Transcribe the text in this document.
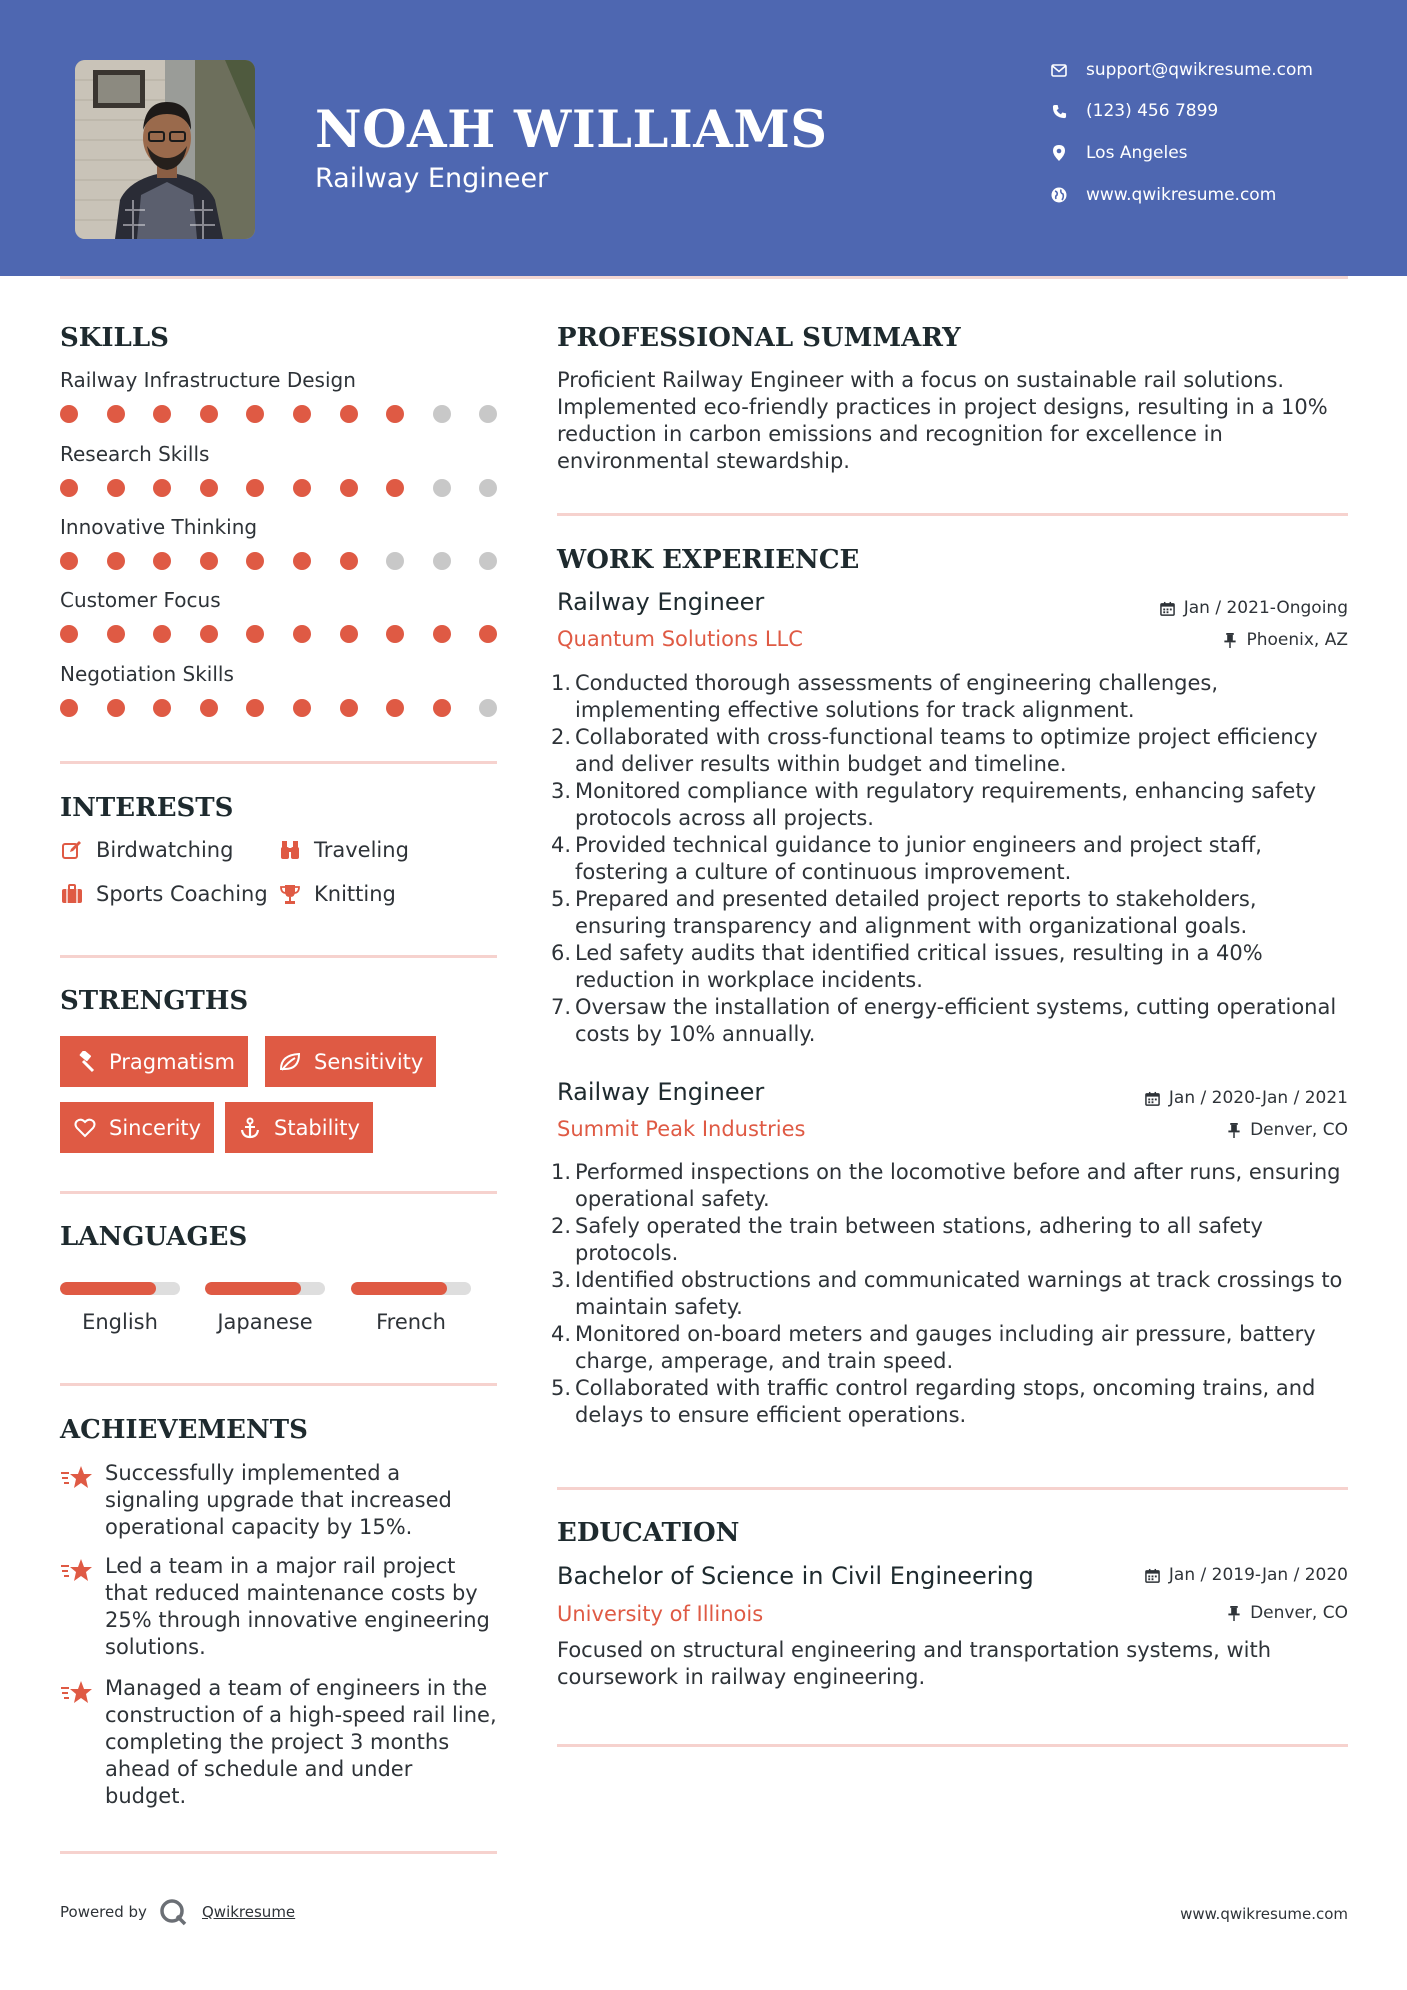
NOAH WILLIAMS
Railway Engineer
support@qwikresume.com
(123) 456 7899
Los Angeles
www.qwikresume.com
SKILLS
Railway Infrastructure Design
Research Skills
Innovative Thinking
Customer Focus
Negotiation Skills
INTERESTS
Birdwatching	Traveling
Sports Coaching Knitting
STRENGTHS
Pragmatism	Sensitivity
Sincerity	Stability
LANGUAGES
English	Japanese	French
ACHIEVEMENTS
Successfully implemented a signaling upgrade that increased operational capacity by 15%.
Led a team in a major rail project that reduced maintenance costs by 25% through innovative engineering solutions.
Managed a team of engineers in the construction of a high-speed rail line, completing the project 3 months ahead of schedule and under budget.
PROFESSIONAL SUMMARY
Proficient Railway Engineer with a focus on sustainable rail solutions. Implemented eco-friendly practices in project designs, resulting in a 10% reduction in carbon emissions and recognition for excellence in environmental stewardship.
WORK EXPERIENCE
Railway Engineer	Jan / 2021-Ongoing
Quantum Solutions LLC	Phoenix, AZ
1. Conducted thorough assessments of engineering challenges, implementing effective solutions for track alignment.
2. Collaborated with cross-functional teams to optimize project efficiency and deliver results within budget and timeline.
3. Monitored compliance with regulatory requirements, enhancing safety protocols across all projects.
4. Provided technical guidance to junior engineers and project staff, fostering a culture of continuous improvement.
5. Prepared and presented detailed project reports to stakeholders, ensuring transparency and alignment with organizational goals.
6. Led safety audits that identified critical issues, resulting in a 40% reduction in workplace incidents.
7. Oversaw the installation of energy-efficient systems, cutting operational costs by 10% annually.
Railway Engineer	Jan / 2020-Jan / 2021
Summit Peak Industries	Denver, CO
1. Performed inspections on the locomotive before and after runs, ensuring operational safety.
2. Safely operated the train between stations, adhering to all safety protocols.
3. Identified obstructions and communicated warnings at track crossings to maintain safety.
4. Monitored on-board meters and gauges including air pressure, battery charge, amperage, and train speed.
5. Collaborated with traffic control regarding stops, oncoming trains, and delays to ensure efficient operations.
EDUCATION
Bachelor of Science in Civil Engineering	Jan / 2019-Jan / 2020
University of Illinois	Denver, CO
Focused on structural engineering and transportation systems, with coursework in railway engineering.
Powered by	Qwikresume	www.qwikresume.com
